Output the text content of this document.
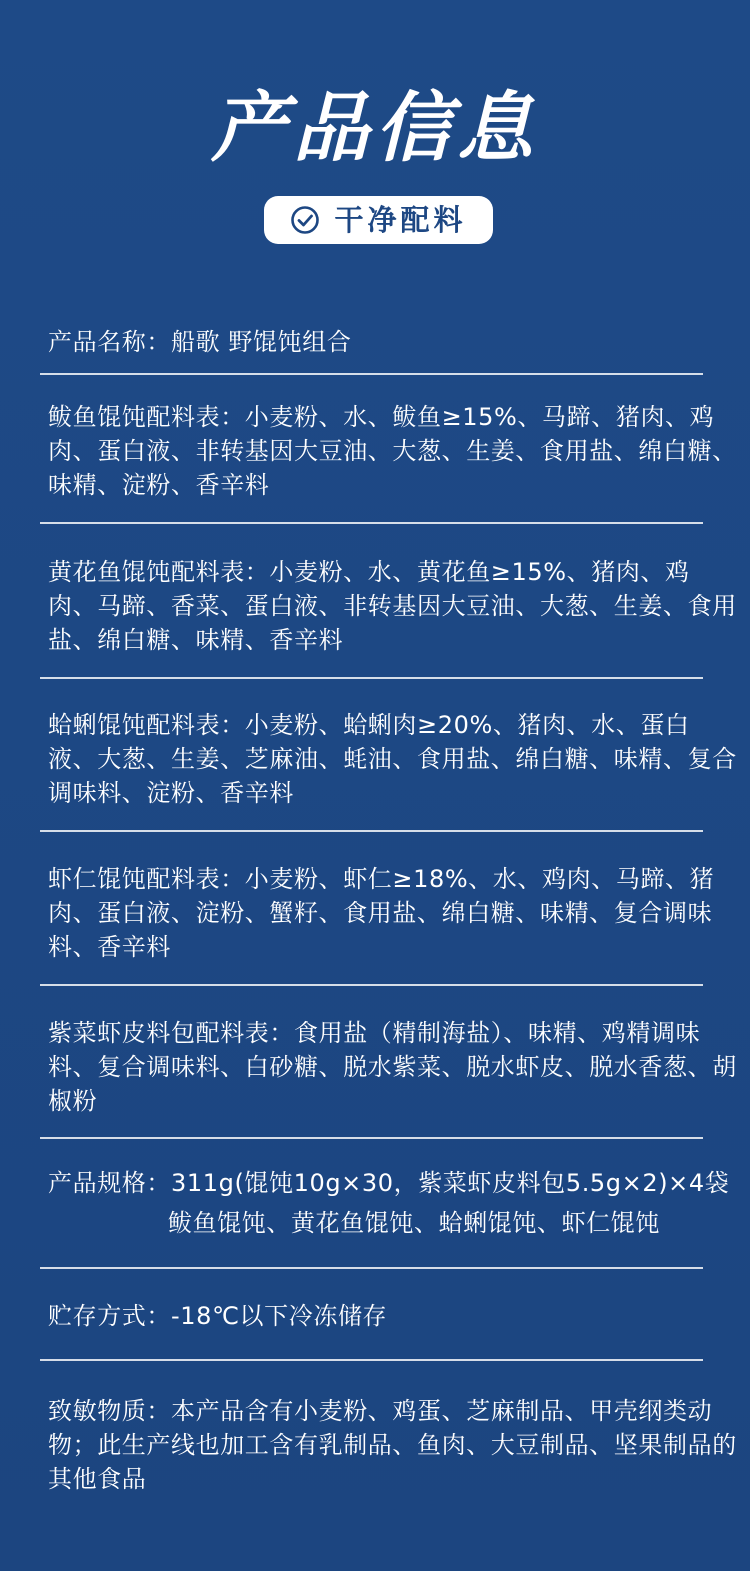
产品信息
干净配料
产品名称：船歌 野馄饨组合
鲅鱼馄饨配料表：小麦粉、水、鲅鱼≥15%、马蹄、猪肉、鸡肉、蛋白液、非转基因大豆油、大葱、生姜、食用盐、绵白糖、味精、淀粉、香辛料
黄花鱼馄饨配料表：小麦粉、水、黄花鱼≥15%、猪肉、鸡肉、马蹄、香菜、蛋白液、非转基因大豆油、大葱、生姜、食用盐、绵白糖、味精、香辛料
蛤蜊馄饨配料表：小麦粉、蛤蜊肉≥20%、猪肉、水、蛋白液、大葱、生姜、芝麻油、蚝油、食用盐、绵白糖、味精、复合调味料、淀粉、香辛料
虾仁馄饨配料表：小麦粉、虾仁≥18%、水、鸡肉、马蹄、猪肉、蛋白液、淀粉、蟹籽、食用盐、绵白糖、味精、复合调味料、香辛料
紫菜虾皮料包配料表：食用盐（精制海盐）、味精、鸡精调味料、复合调味料、白砂糖、脱水紫菜、脱水虾皮、脱水香葱、胡椒粉
产品规格：311g(馄饨10g×30，紫菜虾皮料包5.5g×2)×4袋
鲅鱼馄饨、黄花鱼馄饨、蛤蜊馄饨、虾仁馄饨
贮存方式：-18℃以下冷冻储存
致敏物质：本产品含有小麦粉、鸡蛋、芝麻制品、甲壳纲类动物；此生产线也加工含有乳制品、鱼肉、大豆制品、坚果制品的其他食品
